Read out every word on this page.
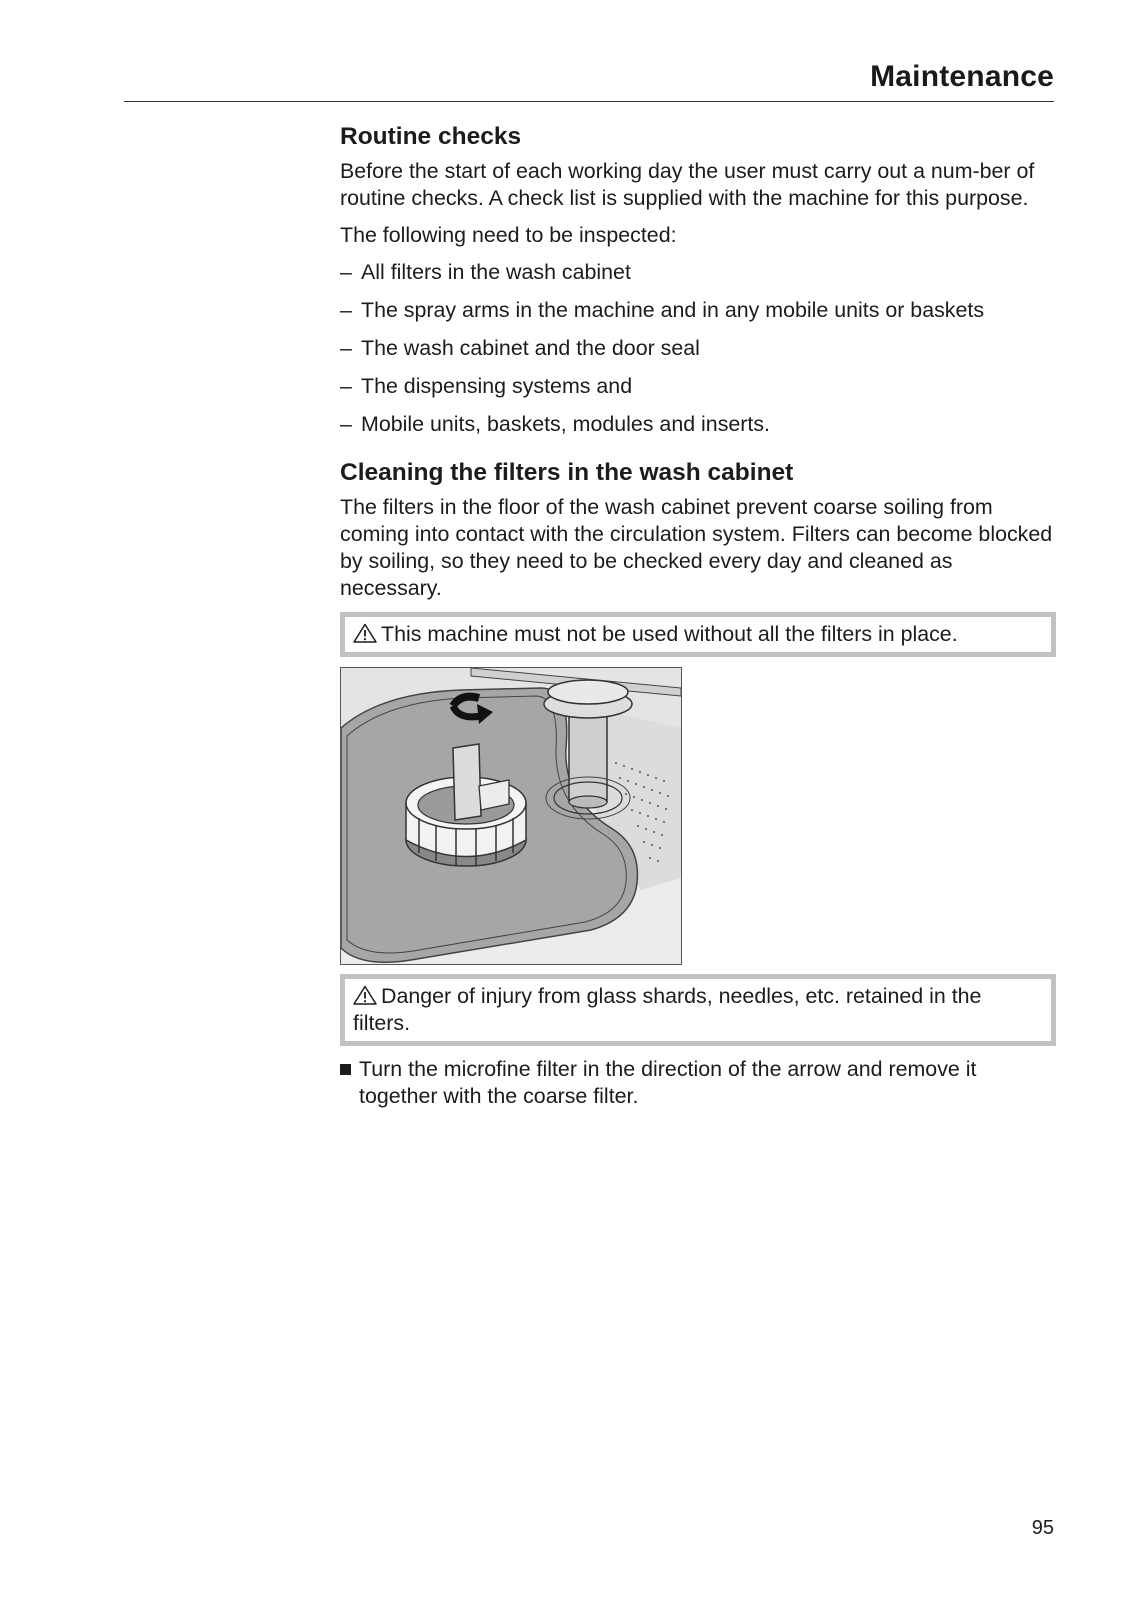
Maintenance
Routine checks

Before the start of each working day the user must carry out a num-ber of routine checks. A check list is supplied with the machine for this purpose.

The following need to be inspected:

– All filters in the wash cabinet
– The spray arms in the machine and in any mobile units or baskets
– The wash cabinet and the door seal
– The dispensing systems and
– Mobile units, baskets, modules and inserts.
Cleaning the filters in the wash cabinet

The filters in the floor of the wash cabinet prevent coarse soiling from coming into contact with the circulation system. Filters can become blocked by soiling, so they need to be checked every day and cleaned as necessary.

This machine must not be used without all the filters in place.
Danger of injury from glass shards, needles, etc. retained in the filters.
Turn the microfine filter in the direction of the arrow and remove it together with the coarse filter.
95
